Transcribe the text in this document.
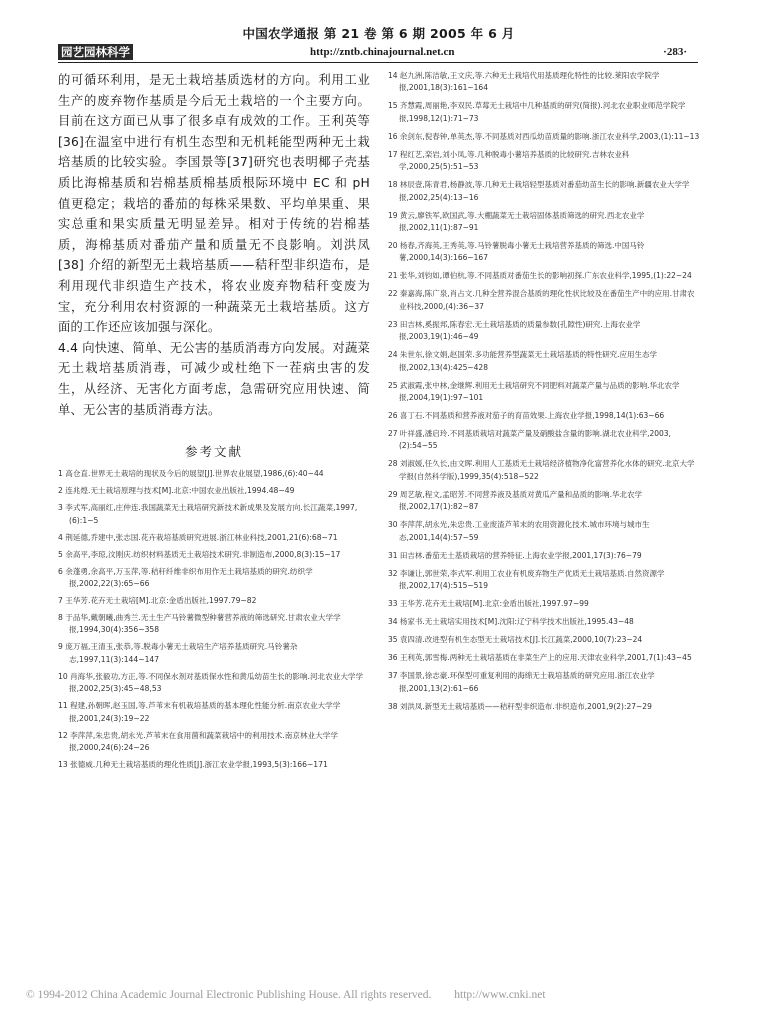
中国农学通报 第 21 卷 第 6 期 2005 年 6 月
园艺园林科学	http://zntb.chinajournal.net.cn	·283·

的可循环利用，是无土栽培基质选材的方向。利用工业生产的废弃物作基质是今后无土栽培的一个主要方向。目前在这方面已从事了很多卓有成效的工作。王利英等[36]在温室中进行有机生态型和无机耗能型两种无土栽培基质的比较实验。李国景等[37]研究也表明椰子壳基质比海棉基质和岩棉基质棉基质根际环境中 EC 和 pH 值更稳定；栽培的番茄的每株采果数、平均单果重、果实总重和果实质量无明显差异。相对于传统的岩棉基质，海棉基质对番茄产量和质量无不良影响。刘洪凤 [38] 介绍的新型无土栽培基质——秸秆型非织造布，是利用现代非织造生产技术，将农业废弃物秸秆变废为宝，充分利用农村资源的一种蔬菜无土栽培基质。这方面的工作还应该加强与深化。

4.4 向快速、简单、无公害的基质消毒方向发展。对蔬菜无土栽培基质消毒，可减少或杜绝下一茬病虫害的发生，从经济、无害化方面考虑，急需研究应用快速、简单、无公害的基质消毒方法。

参考文献

1 高仓直.世界无土栽培的现状及今后的展望[J].世界农业展望,1986,(6):40~44

2 连兆煌.无土栽培原理与技术[M].北京:中国农业出版社,1994.48~49

3 李式军,高丽红,庄仲连.我国蔬菜无土栽培研究新技术新成果及发展方向.长江蔬菜,1997,(6):1~5

4 荆延德,乔建中,张志国.花卉栽培基质研究进展.浙江林业科技,2001,21(6):68~71

5 余高平,李琼,汶刚庆.纺织材料基质无土栽培技术研究.非制造布,2000,8(3):15~17

6 余蓬勇,余高平,万玉萍,等.秸秆纤维非织布用作无土栽培基质的研究.纺织学报,2002,22(3):65~66

7 王华芳.花卉无土栽培[M].北京:金盾出版社,1997.79~82

8 于品华,戴朝曦,曲秀兰.无土生产马铃薯微型种薯营养液的筛选研究.甘肃农业大学学报,1994,30(4):356~358

9 庞万福,王清玉,张恭,等.脱毒小薯无土栽培生产培养基质研究.马铃薯杂志,1997,11(3):144~147

10 肖海华,张毅功,方正,等.不同保水剂对基质保水性和黄瓜幼苗生长的影响.河北农业大学学报,2002,25(3):45~48,53

11 程建,孙朝晖,赵玉国,等.芦苇末有机栽培基质的基本理化性能分析.南京农业大学学报,2001,24(3):19~22

12 李萍萍,朱忠贵,胡永光.芦苇末在食用菌和蔬菜栽培中的利用技术.南京林业大学学报,2000,24(6):24~26

13 张德威.几种无土栽培基质的理化性质[J].浙江农业学报,1993,5(3):166~171

14 赵九洲,陈洁敏,王文庆,等.六种无土栽培代用基质理化特性的比较.莱阳农学院学报,2001,18(3):161~164

15 齐慧霞,周丽艳,李双民.草莓无土栽培中几种基质的研究(简报).河北农业职业师范学院学报,1998,12(1):71~73

16 余剑东,倪春钟,单英杰,等.不同基质对西瓜幼苗质量的影响.浙江农业科学,2003,(1):11~13

17 程红艺,栾岩,刘小凤,等.几种脱毒小薯培养基质的比较研究.吉林农业科学,2000,25(5):51~53

18 林辰壹,陈青君,杨静波,等.几种无土栽培轻型基质对番茄幼苗生长的影响.新疆农业大学学报,2002,25(4):13~16

19 黄云,廖铁军,欧国武,等.大棚蔬菜无土栽培固体基质筛选的研究.西北农业学报,2002,11(1):87~91

20 杨春,齐海英,王秀英,等.马铃薯脱毒小薯无土栽培营养基质的筛选.中国马铃薯,2000,14(3):166~167

21 张华,刘钧如,谭伯杭,等.不同基质对番茄生长的影响初探.广东农业科学,1995,(1):22~24

22 秦嘉海,陈广泉,肖占文.几种全营养混合基质的理化性状比较及在番茄生产中的应用.甘肃农业科技,2000,(4):36~37

23 田吉林,奚振邦,陈春宏.无土栽培基质的质量参数(孔隙性)研究.上海农业学报,2003,19(1):46~49

24 朱世东,徐文娟,赵国荣.多功能营养型蔬菜无土栽培基质的特性研究.应用生态学报,2002,13(4):425~428

25 武淑霞,张中林,金继辉.利用无土栽培研究不同肥料对蔬菜产量与品质的影响.华北农学报,2004,19(1):97~101

26 喜丁石.不同基质和营养液对茄子的育苗效果.上海农业学报,1998,14(1):63~66

27 叶祥盛,潘启玲.不同基质栽培对蔬菜产量及硝酸盐含量的影响.湖北农业科学,2003,(2):54~55

28 刘淑媛,任久长,由文晖.利用人工基质无土栽培经济植物净化富营养化水体的研究.北京大学学报(自然科学版),1999,35(4):518~522

29 周艺敏,程文,孟昭芳.不同营养液及基质对黄瓜产量和品质的影响.华北农学报,2002,17(1):82~87

30 李萍萍,胡永光,朱忠贵.工业废渣芦苇末的农用资源化技术.城市环境与城市生态,2001,14(4):57~59

31 田吉林.番茄无土基质栽培的营养特征.上海农业学报,2001,17(3):76~79

32 李谦让,郭世荣,李式军.利用工农业有机废弃物生产优质无土栽培基质.自然资源学报,2002,17(4):515~519

33 王华芳.花卉无土栽培[M].北京:金盾出版社,1997.97~99

34 杨家书.无土栽培实用技术[M].沈阳:辽宁科学技术出版社,1995.43~48

35 袁四清.改进型有机生态型无土栽培技术[J].长江蔬菜,2000,10(7):23~24

36 王利英,郭雪梅.两种无土栽培基质在非菜生产上的应用.天津农业科学,2001,7(1):43~45

37 李国景,徐志豪.环保型可重复利用的海绵无土栽培基质的研究应用.浙江农业学报,2001,13(2):61~66

38 刘洪凤.新型无土栽培基质——秸秆型非织造布.非织造布,2001,9(2):27~29

© 1994-2012 China Academic Journal Electronic Publishing House. All rights reserved. http://www.cnki.net
